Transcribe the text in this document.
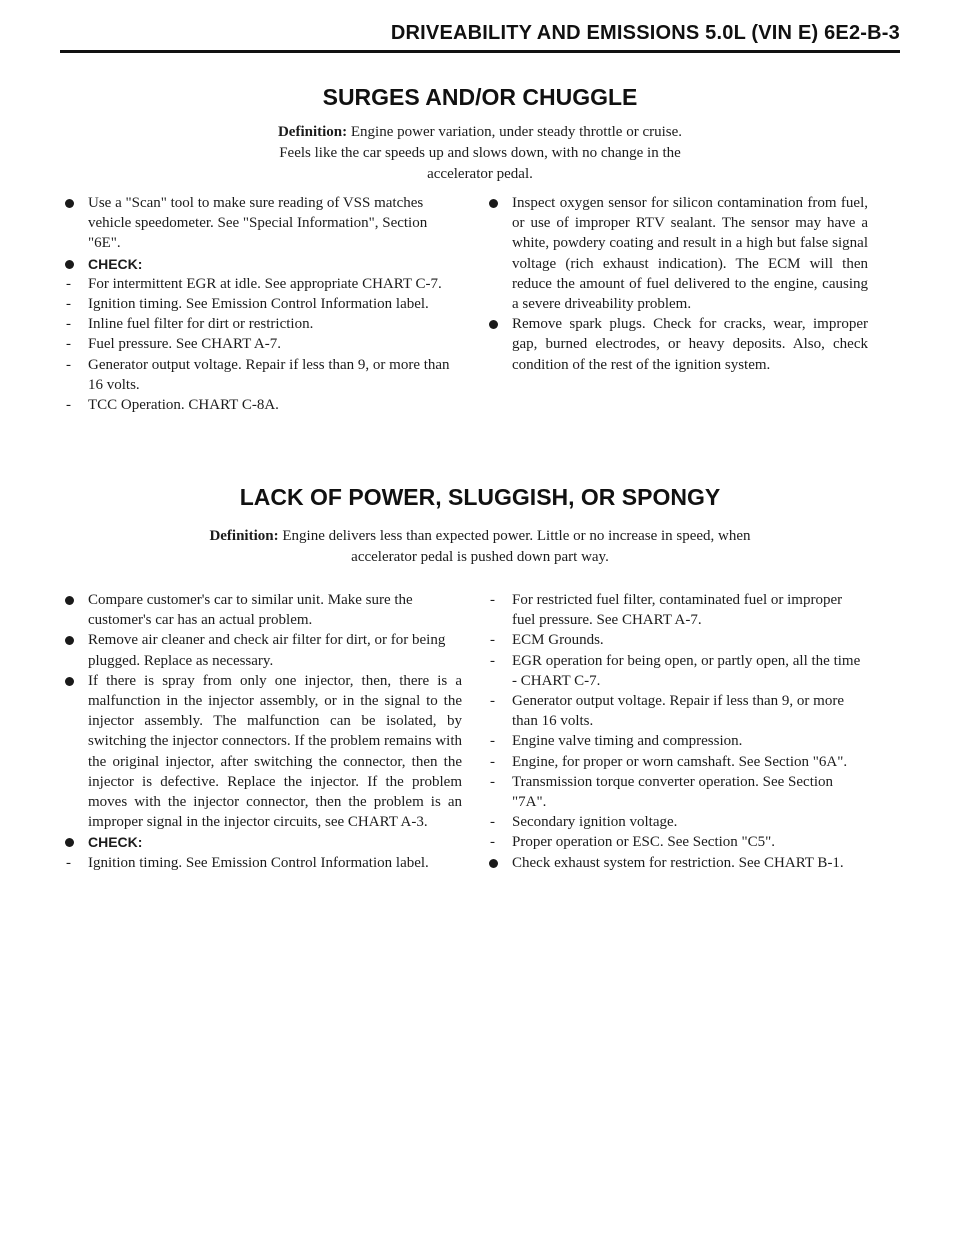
DRIVEABILITY AND EMISSIONS 5.0L (VIN E) 6E2-B-3
SURGES AND/OR CHUGGLE

Definition: Engine power variation, under steady throttle or cruise. Feels like the car speeds up and slows down, with no change in the accelerator pedal.

Use a "Scan" tool to make sure reading of VSS matches vehicle speedometer. See "Special Information", Section "6E".

CHECK:

- For intermittent EGR at idle. See appropriate CHART C-7.

- Ignition timing. See Emission Control Information label.

- Inline fuel filter for dirt or restriction.

- Fuel pressure. See CHART A-7.

- Generator output voltage. Repair if less than 9, or more than 16 volts.

- TCC Operation. CHART C-8A.

Inspect oxygen sensor for silicon contamination from fuel, or use of improper RTV sealant. The sensor may have a white, powdery coating and result in a high but false signal voltage (rich exhaust indication). The ECM will then reduce the amount of fuel delivered to the engine, causing a severe driveability problem.

Remove spark plugs. Check for cracks, wear, improper gap, burned electrodes, or heavy deposits. Also, check condition of the rest of the ignition system.

LACK OF POWER, SLUGGISH, OR SPONGY

Definition: Engine delivers less than expected power. Little or no increase in speed, when accelerator pedal is pushed down part way.

Compare customer's car to similar unit. Make sure the customer's car has an actual problem.

Remove air cleaner and check air filter for dirt, or for being plugged. Replace as necessary.

If there is spray from only one injector, then, there is a malfunction in the injector assembly, or in the signal to the injector assembly. The malfunction can be isolated, by switching the injector connectors. If the problem remains with the original injector, after switching the connector, then the injector is defective. Replace the injector. If the problem moves with the injector connector, then the problem is an improper signal in the injector circuits, see CHART A-3.

CHECK:

- Ignition timing. See Emission Control Information label.

- For restricted fuel filter, contaminated fuel or improper fuel pressure. See CHART A-7.

- ECM Grounds.

- EGR operation for being open, or partly open, all the time - CHART C-7.

- Generator output voltage. Repair if less than 9, or more than 16 volts.

- Engine valve timing and compression.

- Engine, for proper or worn camshaft. See Section "6A".

- Transmission torque converter operation. See Section "7A".

- Secondary ignition voltage.

- Proper operation or ESC. See Section "C5".

Check exhaust system for restriction. See CHART B-1.
